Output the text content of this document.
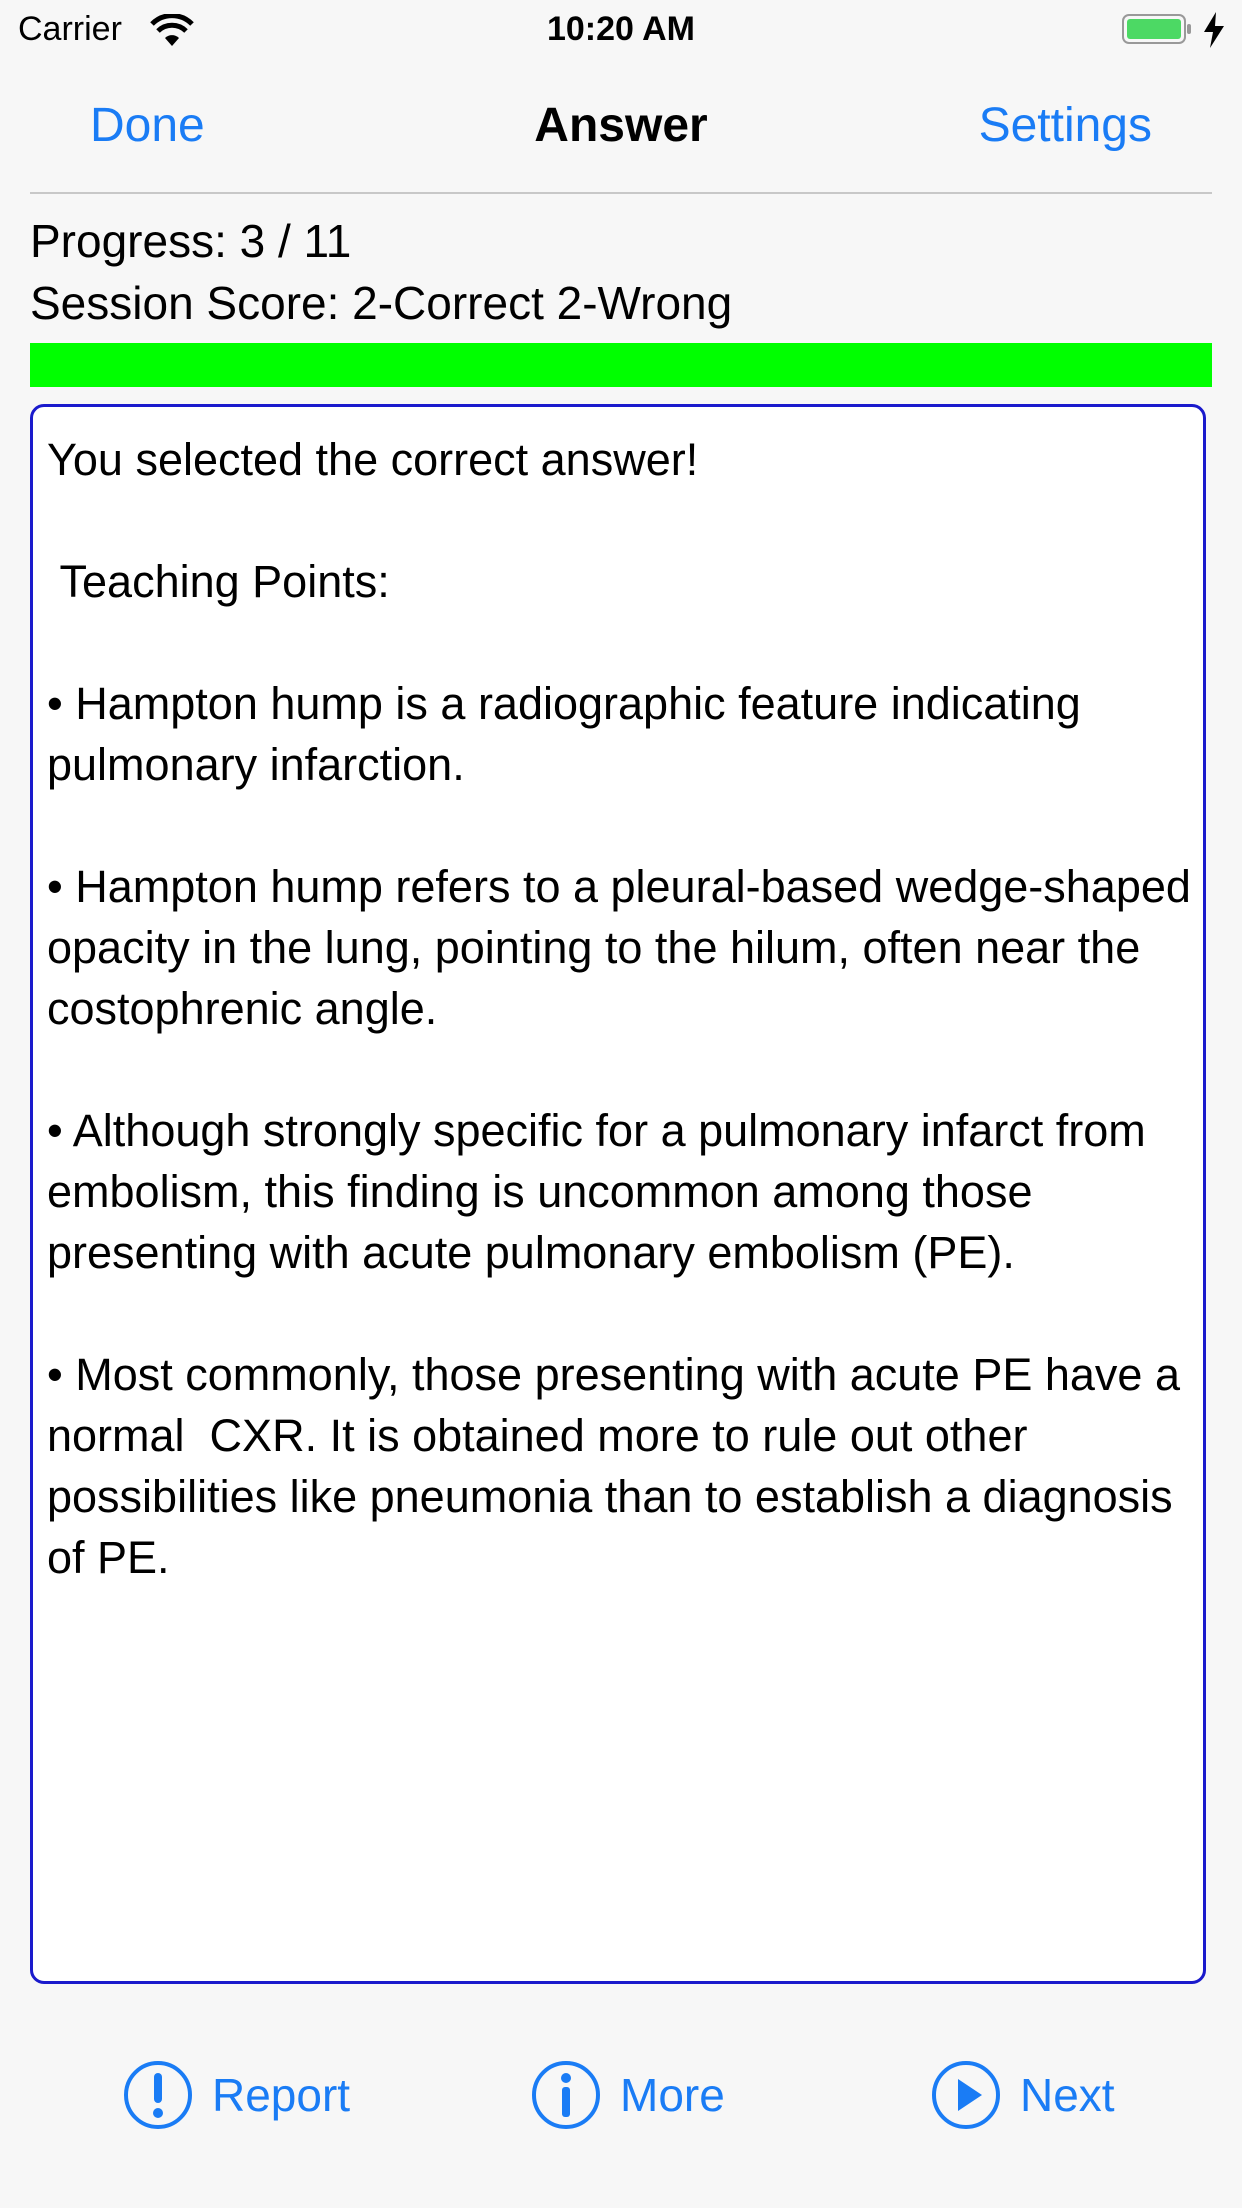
Carrier	10:20 AM
Done	Answer	Settings
Progress: 3 / 11
Session Score: 2-Correct 2-Wrong
You selected the correct answer!

Teaching Points:

• Hampton hump is a radiographic feature indicating pulmonary infarction.

• Hampton hump refers to a pleural-based wedge-shaped opacity in the lung, pointing to the hilum, often near the costophrenic angle.

• Although strongly specific for a pulmonary infarct from embolism, this finding is uncommon among those presenting with acute pulmonary embolism (PE).

• Most commonly, those presenting with acute PE have a normal  CXR. It is obtained more to rule out other possibilities like pneumonia than to establish a diagnosis of PE.
Report	More	Next
